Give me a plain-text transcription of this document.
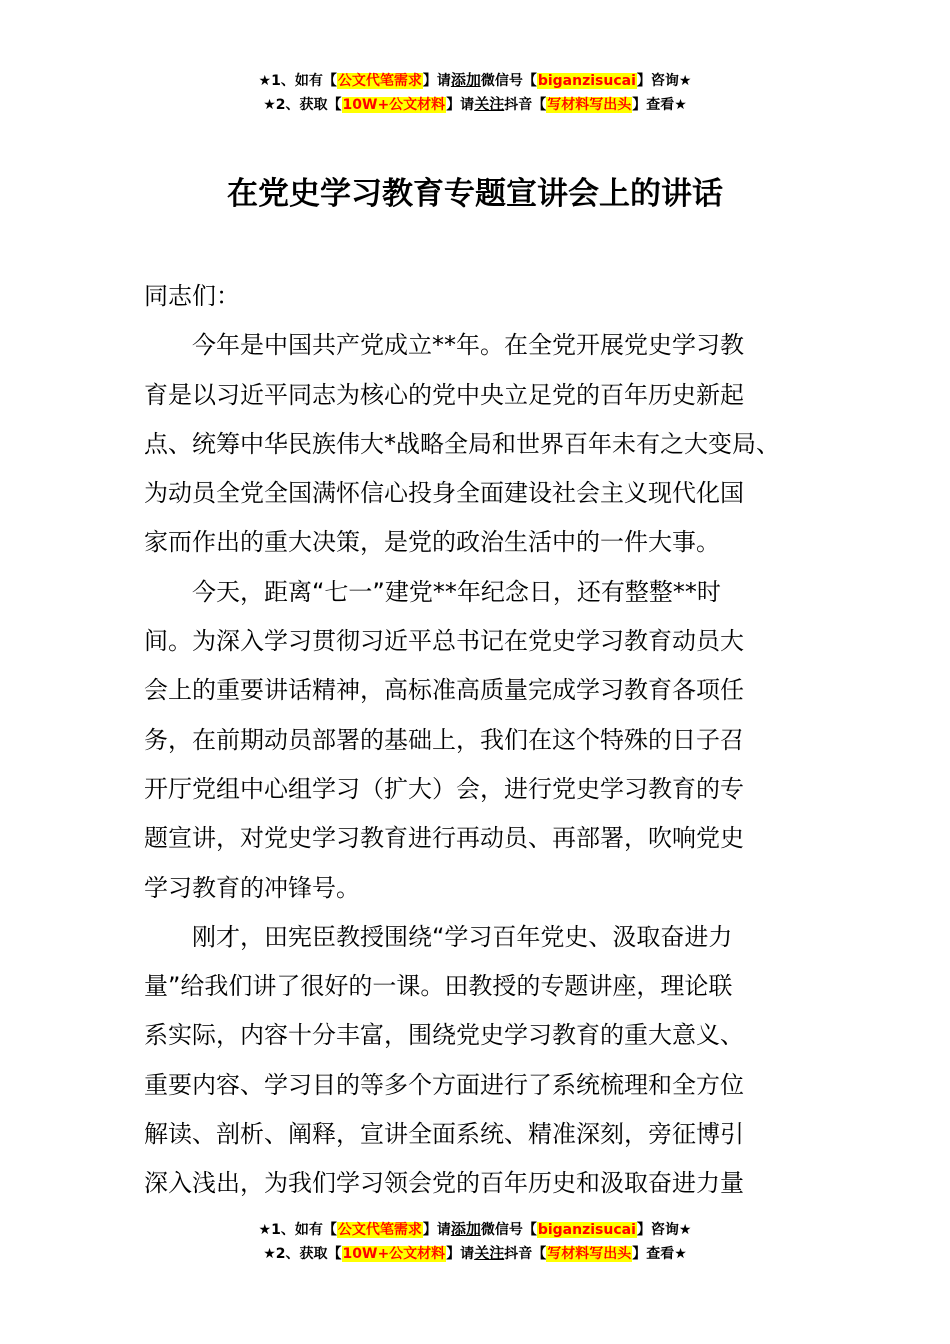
★1、如有【公文代笔需求】请添加微信号【biganzisucai】咨询★
★2、获取【10W+公文材料】请关注抖音【写材料写出头】查看★
在党史学习教育专题宣讲会上的讲话

同志们：

今年是中国共产党成立**年。在全党开展党史学习教

育是以习近平同志为核心的党中央立足党的百年历史新起

点、统筹中华民族伟大*战略全局和世界百年未有之大变局、

为动员全党全国满怀信心投身全面建设社会主义现代化国

家而作出的重大决策，是党的政治生活中的一件大事。

今天，距离“七一”建党**年纪念日，还有整整**时

间。为深入学习贯彻习近平总书记在党史学习教育动员大

会上的重要讲话精神，高标准高质量完成学习教育各项任

务，在前期动员部署的基础上，我们在这个特殊的日子召

开厅党组中心组学习（扩大）会，进行党史学习教育的专

题宣讲，对党史学习教育进行再动员、再部署，吹响党史

学习教育的冲锋号。

刚才，田宪臣教授围绕“学习百年党史、汲取奋进力

量”给我们讲了很好的一课。田教授的专题讲座，理论联

系实际，内容十分丰富，围绕党史学习教育的重大意义、

重要内容、学习目的等多个方面进行了系统梳理和全方位

解读、剖析、阐释，宣讲全面系统、精准深刻，旁征博引

深入浅出，为我们学习领会党的百年历史和汲取奋进力量

★1、如有【公文代笔需求】请添加微信号【biganzisucai】咨询★
★2、获取【10W+公文材料】请关注抖音【写材料写出头】查看★
